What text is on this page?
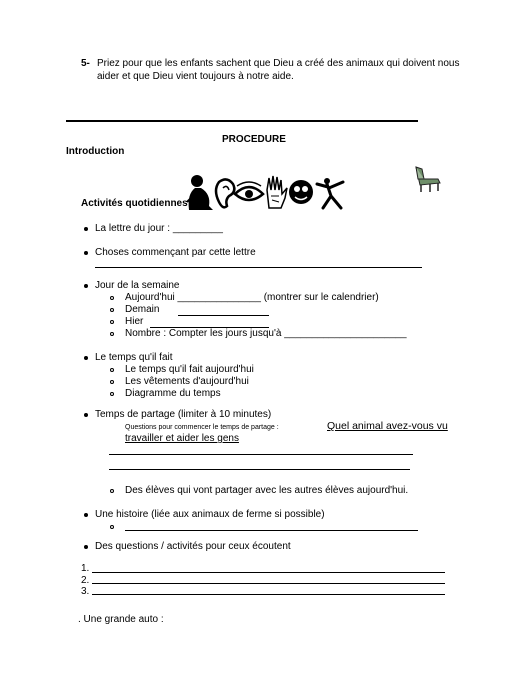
5- Priez pour que les enfants sachent que Dieu a créé des animaux qui doivent nous
aider et que Dieu vient toujours à notre aide.
PROCEDURE
Introduction
Activités quotidiennes
La lettre du jour : _________
Choses commençant par cette lettre
Jour de la semaine
Aujourd'hui _______________ (montrer sur le calendrier)
Demain
Hier
Nombre : Compter les jours jusqu'à ______________________
Le temps qu'il fait
Le temps qu'il fait aujourd'hui
Les vêtements d'aujourd'hui
Diagramme du temps
Temps de partage (limiter à 10 minutes)
Questions pour commencer le temps de partage :	Quel animal avez-vous vu
travailler et aider les gens
Des élèves qui vont partager avec les autres élèves aujourd'hui.
Une histoire (liée aux animaux de ferme si possible)
Des questions / activités pour ceux écoutent
1.
2.
3.
. Une grande auto :
